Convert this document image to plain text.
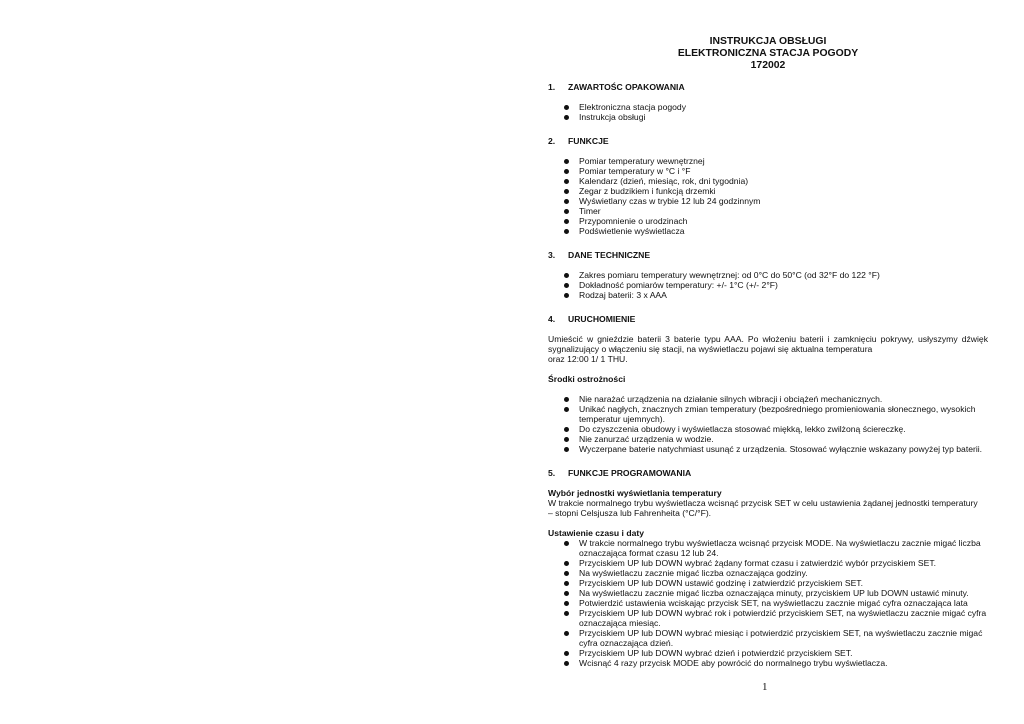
INSTRUKCJA OBSŁUGI
ELEKTRONICZNA STACJA POGODY
172002
1. ZAWARTOŚC OPAKOWANIA
Elektroniczna stacja pogody
Instrukcja obsługi
2. FUNKCJE
Pomiar temperatury wewnętrznej
Pomiar temperatury w °C i °F
Kalendarz (dzień, miesiąc, rok, dni tygodnia)
Zegar z budzikiem i funkcją drzemki
Wyświetlany czas w trybie 12 lub 24 godzinnym
Timer
Przypomnienie o urodzinach
Podświetlenie wyświetlacza
3. DANE TECHNICZNE
Zakres pomiaru temperatury wewnętrznej: od 0°C do 50°C (od 32°F do 122 °F)
Dokładność pomiarów temperatury: +/- 1°C (+/- 2°F)
Rodzaj baterii: 3 x AAA
4. URUCHOMIENIE
Umieścić w gnieździe baterii 3 baterie typu AAA. Po włożeniu baterii i zamknięciu pokrywy, usłyszymy dźwięk sygnalizujący o włączeniu się stacji, na wyświetlaczu pojawi się aktualna temperatura
oraz 12:00 1/ 1 THU.
Środki ostrożności
Nie narażać urządzenia na działanie silnych wibracji i obciążeń mechanicznych.
Unikać nagłych, znacznych zmian temperatury (bezpośredniego promieniowania słonecznego, wysokich temperatur ujemnych).
Do czyszczenia obudowy i wyświetlacza stosować miękką, lekko zwilżoną ściereczkę.
Nie zanurzać urządzenia w wodzie.
Wyczerpane baterie natychmiast usunąć z urządzenia. Stosować wyłącznie wskazany powyżej typ baterii.
5. FUNKCJE PROGRAMOWANIA
Wybór jednostki wyświetlania temperatury
W trakcie normalnego trybu wyświetlacza wcisnąć przycisk SET w celu ustawienia żądanej jednostki temperatury
– stopni Celsjusza lub Fahrenheita (°C/°F).
Ustawienie czasu i daty
W trakcie normalnego trybu wyświetlacza wcisnąć przycisk MODE. Na wyświetlaczu zacznie migać liczba oznaczająca format czasu 12 lub 24.
Przyciskiem UP lub DOWN wybrać żądany format czasu i zatwierdzić wybór przyciskiem SET.
Na wyświetlaczu zacznie migać liczba oznaczająca godziny.
Przyciskiem UP lub DOWN ustawić godzinę i zatwierdzić przyciskiem SET.
Na wyświetlaczu zacznie migać liczba oznaczająca minuty, przyciskiem UP lub DOWN ustawić minuty.
Potwierdzić ustawienia wciskając przycisk SET, na wyświetlaczu zacznie migać cyfra oznaczająca lata
Przyciskiem UP lub DOWN wybrać rok i potwierdzić przyciskiem SET, na wyświetlaczu zacznie migać cyfra oznaczająca miesiąc.
Przyciskiem UP lub DOWN wybrać miesiąc i potwierdzić przyciskiem SET, na wyświetlaczu zacznie migać cyfra oznaczająca dzień.
Przyciskiem UP lub DOWN wybrać dzień i potwierdzić przyciskiem SET.
Wcisnąć 4 razy przycisk MODE aby powrócić do normalnego trybu wyświetlacza.
1
